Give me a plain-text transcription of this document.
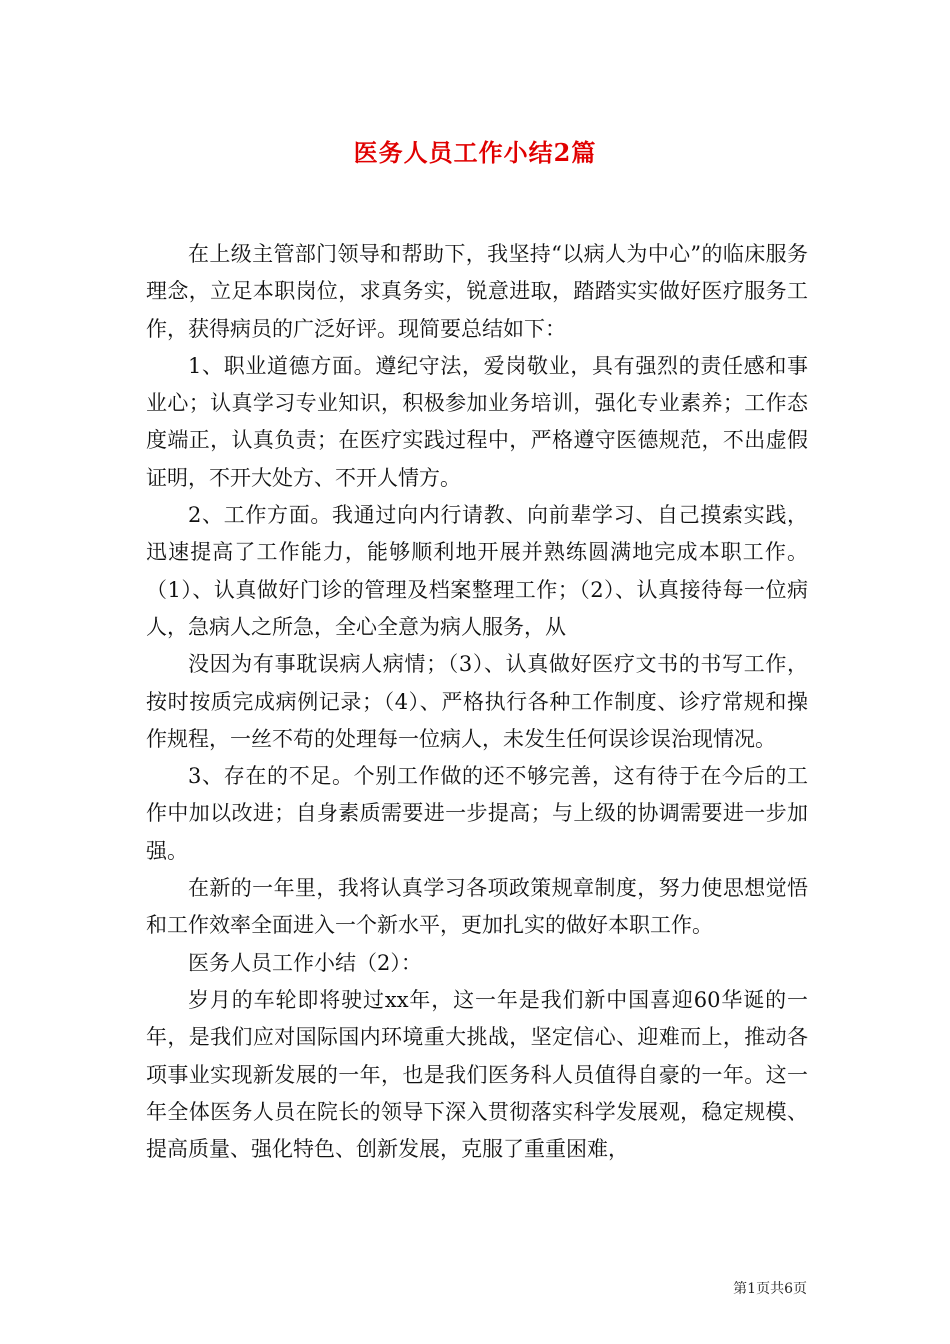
医务人员工作小结2篇

在上级主管部门领导和帮助下，我坚持“以病人为中心”的临床服务理念，立足本职岗位，求真务实，锐意进取，踏踏实实做好医疗服务工作，获得病员的广泛好评。现简要总结如下：

1、职业道德方面。遵纪守法，爱岗敬业，具有强烈的责任感和事业心；认真学习专业知识，积极参加业务培训，强化专业素养；工作态度端正，认真负责；在医疗实践过程中，严格遵守医德规范，不出虚假证明，不开大处方、不开人情方。

2、工作方面。我通过向内行请教、向前辈学习、自己摸索实践，迅速提高了工作能力，能够顺利地开展并熟练圆满地完成本职工作。（1）、认真做好门诊的管理及档案整理工作；（2）、认真接待每一位病人，急病人之所急，全心全意为病人服务，从

没因为有事耽误病人病情；（3）、认真做好医疗文书的书写工作，按时按质完成病例记录；（4）、严格执行各种工作制度、诊疗常规和操作规程，一丝不苟的处理每一位病人，未发生任何误诊误治现情况。

3、存在的不足。个别工作做的还不够完善，这有待于在今后的工作中加以改进；自身素质需要进一步提高；与上级的协调需要进一步加强。

在新的一年里，我将认真学习各项政策规章制度，努力使思想觉悟和工作效率全面进入一个新水平，更加扎实的做好本职工作。

医务人员工作小结（2）：

岁月的车轮即将驶过xx年，这一年是我们新中国喜迎60华诞的一年，是我们应对国际国内环境重大挑战，坚定信心、迎难而上，推动各项事业实现新发展的一年，也是我们医务科人员值得自豪的一年。这一年全体医务人员在院长的领导下深入贯彻落实科学发展观，稳定规模、提高质量、强化特色、创新发展，克服了重重困难，

第1页共6页
